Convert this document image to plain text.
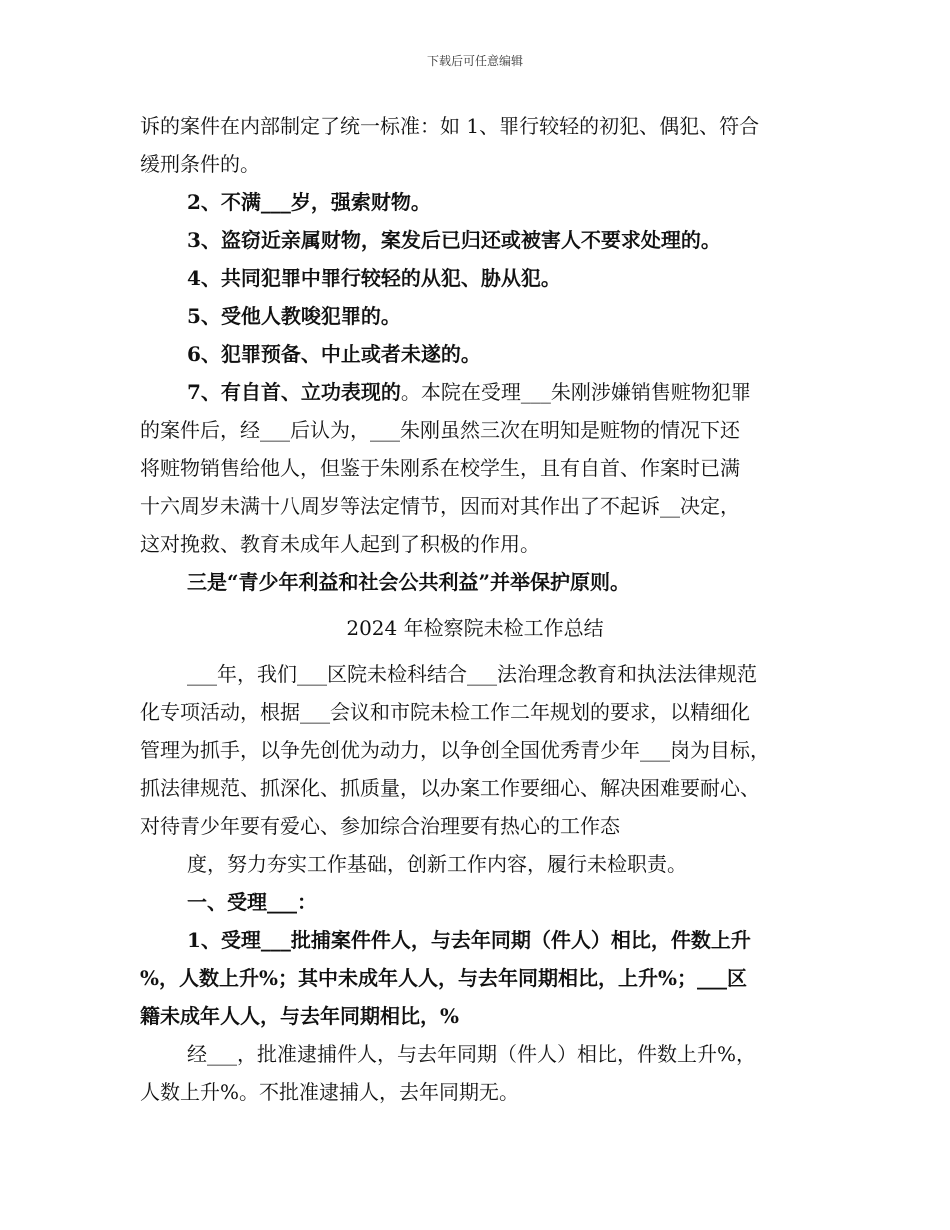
下载后可任意编辑
诉的案件在内部制定了统一标准：如 1、罪行较轻的初犯、偶犯、符合
缓刑条件的。
2、不满___岁，强索财物。
3、盗窃近亲属财物，案发后已归还或被害人不要求处理的。
4、共同犯罪中罪行较轻的从犯、胁从犯。
5、受他人教唆犯罪的。
6、犯罪预备、中止或者未遂的。
7、有自首、立功表现的。本院在受理___朱刚涉嫌销售赃物犯罪
的案件后，经___后认为，___朱刚虽然三次在明知是赃物的情况下还
将赃物销售给他人，但鉴于朱刚系在校学生，且有自首、作案时已满
十六周岁未满十八周岁等法定情节，因而对其作出了不起诉__决定，
这对挽救、教育未成年人起到了积极的作用。
三是“青少年利益和社会公共利益”并举保护原则。
2024 年检察院未检工作总结
___年，我们___区院未检科结合___法治理念教育和执法法律规范
化专项活动，根据___会议和市院未检工作二年规划的要求，以精细化
管理为抓手，以争先创优为动力，以争创全国优秀青少年___岗为目标，
抓法律规范、抓深化、抓质量，以办案工作要细心、解决困难要耐心、
对待青少年要有爱心、参加综合治理要有热心的工作态
度，努力夯实工作基础，创新工作内容，履行未检职责。
一、受理___：
1、受理___批捕案件件人，与去年同期（件人）相比，件数上升
%，人数上升%；其中未成年人人，与去年同期相比，上升%；___区
籍未成年人人，与去年同期相比，%
经___，批准逮捕件人，与去年同期（件人）相比，件数上升%，
人数上升%。不批准逮捕人，去年同期无。
